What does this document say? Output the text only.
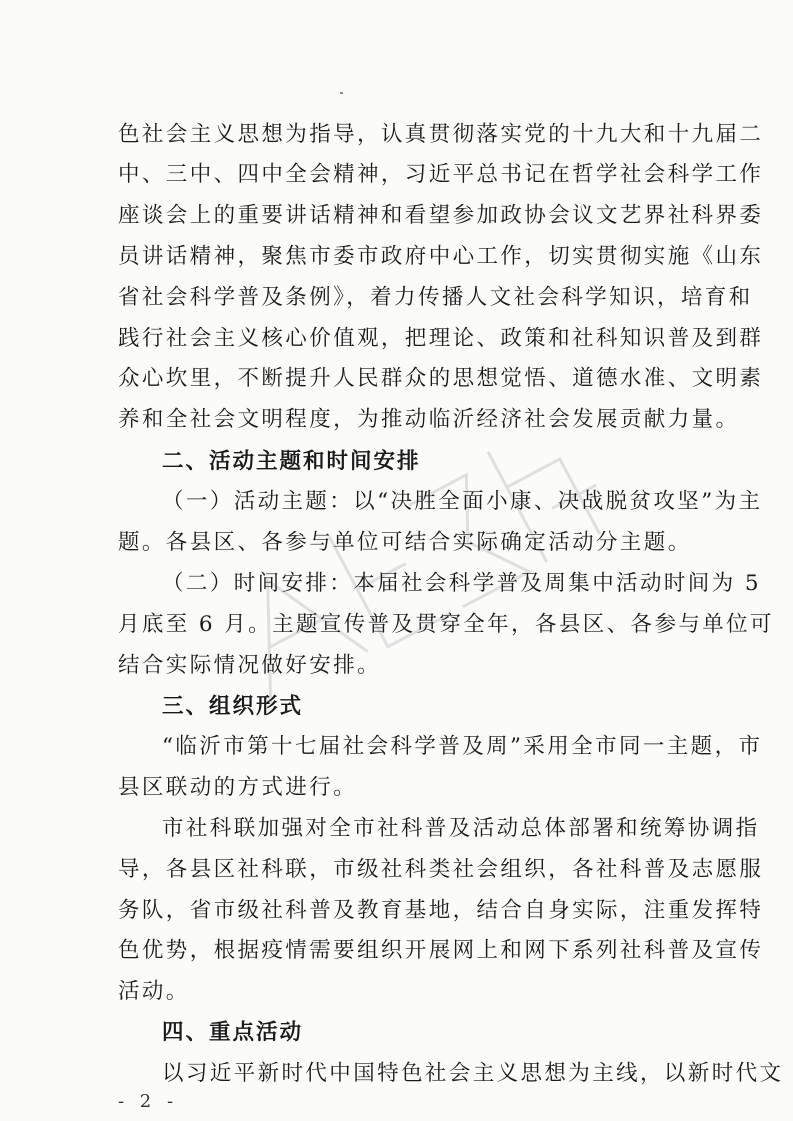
色社会主义思想为指导，认真贯彻落实党的十九大和十九届二
中、三中、四中全会精神，习近平总书记在哲学社会科学工作
座谈会上的重要讲话精神和看望参加政协会议文艺界社科界委
员讲话精神，聚焦市委市政府中心工作，切实贯彻实施《山东
省社会科学普及条例》，着力传播人文社会科学知识，培育和
践行社会主义核心价值观，把理论、政策和社科知识普及到群
众心坎里，不断提升人民群众的思想觉悟、道德水准、文明素
养和全社会文明程度，为推动临沂经济社会发展贡献力量。
二、活动主题和时间安排
（一）活动主题：以“决胜全面小康、决战脱贫攻坚”为主
题。各县区、各参与单位可结合实际确定活动分主题。
（二）时间安排：本届社会科学普及周集中活动时间为 5
月底至 6 月。主题宣传普及贯穿全年，各县区、各参与单位可
结合实际情况做好安排。
三、组织形式
“临沂市第十七届社会科学普及周”采用全市同一主题，市
县区联动的方式进行。
市社科联加强对全市社科普及活动总体部署和统筹协调指
导，各县区社科联，市级社科类社会组织，各社科普及志愿服
务队，省市级社科普及教育基地，结合自身实际，注重发挥特
色优势，根据疫情需要组织开展网上和网下系列社科普及宣传
活动。
四、重点活动
以习近平新时代中国特色社会主义思想为主线，以新时代文
- 2 -
